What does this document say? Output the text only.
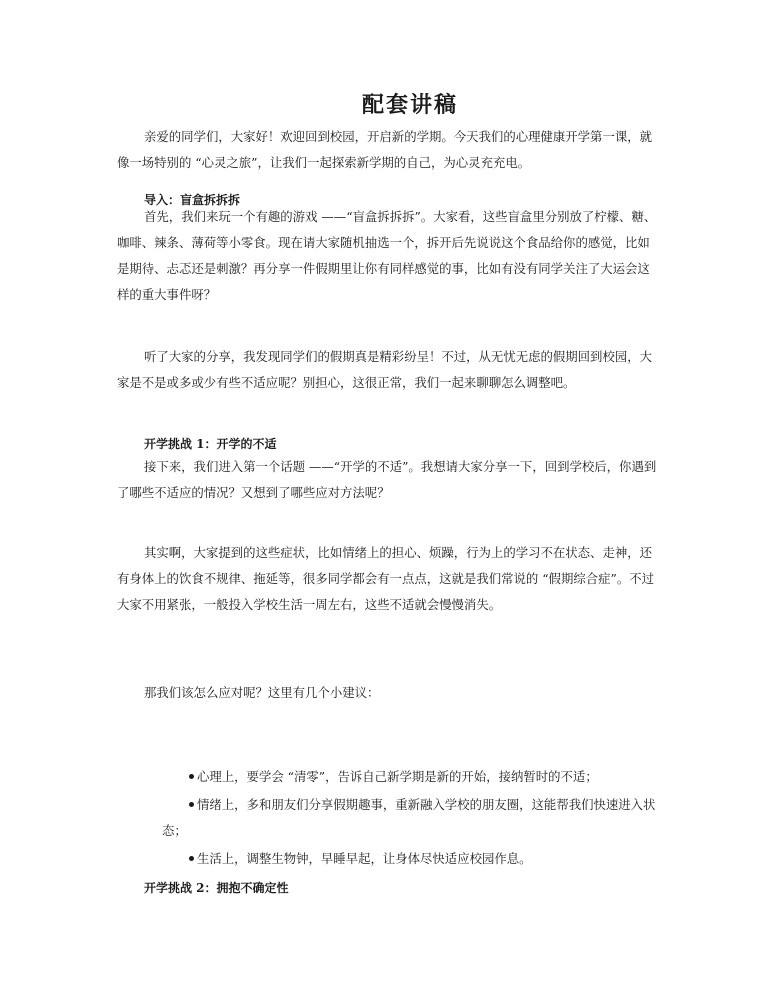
配套讲稿

亲爱的同学们，大家好！欢迎回到校园，开启新的学期。今天我们的心理健康开学第一课，就像一场特别的 “心灵之旅”，让我们一起探索新学期的自己，为心灵充充电。

导入：盲盒拆拆拆

首先，我们来玩一个有趣的游戏 ——“盲盒拆拆拆”。大家看，这些盲盒里分别放了柠檬、糖、咖啡、辣条、薄荷等小零食。现在请大家随机抽选一个，拆开后先说说这个食品给你的感觉，比如是期待、忐忑还是刺激？再分享一件假期里让你有同样感觉的事，比如有没有同学关注了大运会这样的重大事件呀？

听了大家的分享，我发现同学们的假期真是精彩纷呈！不过，从无忧无虑的假期回到校园，大家是不是或多或少有些不适应呢？别担心，这很正常，我们一起来聊聊怎么调整吧。

开学挑战 1：开学的不适

接下来，我们进入第一个话题 ——“开学的不适”。我想请大家分享一下，回到学校后，你遇到了哪些不适应的情况？又想到了哪些应对方法呢？

其实啊，大家提到的这些症状，比如情绪上的担心、烦躁，行为上的学习不在状态、走神，还有身体上的饮食不规律、拖延等，很多同学都会有一点点，这就是我们常说的 “假期综合症”。不过大家不用紧张，一般投入学校生活一周左右，这些不适就会慢慢消失。

那我们该怎么应对呢？这里有几个小建议：

心理上，要学会 “清零”，告诉自己新学期是新的开始，接纳暂时的不适；

情绪上，多和朋友们分享假期趣事，重新融入学校的朋友圈，这能帮我们快速进入状态；

生活上，调整生物钟，早睡早起，让身体尽快适应校园作息。

开学挑战 2：拥抱不确定性
